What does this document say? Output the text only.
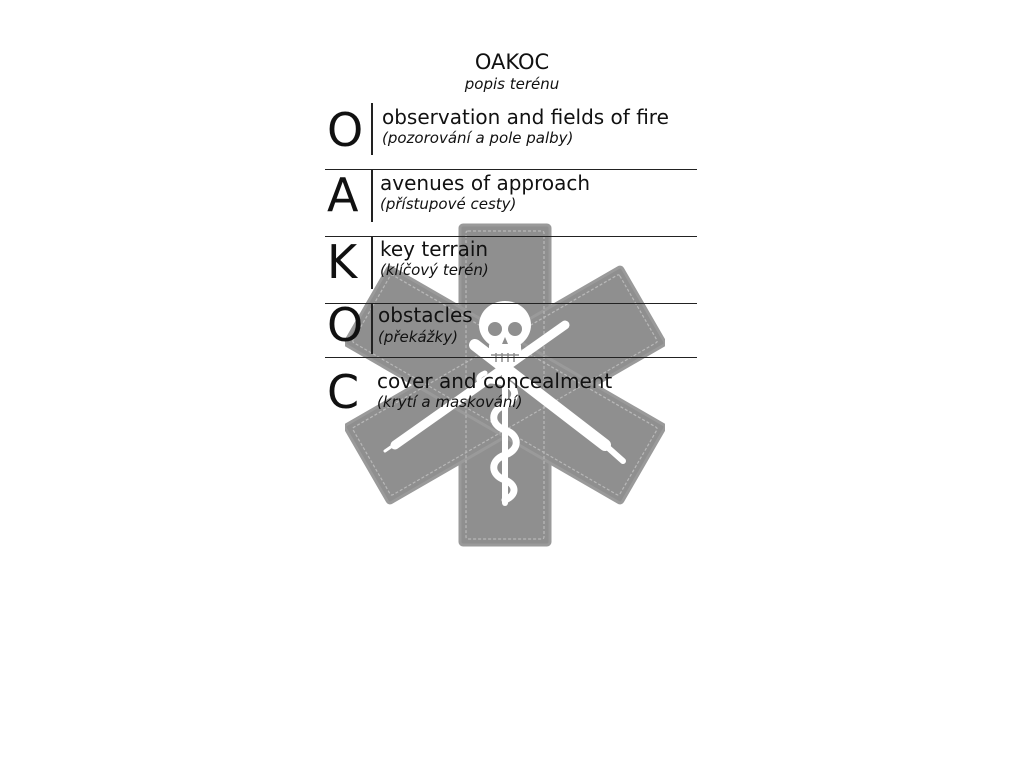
OAKOC
popis terénu
O observation and fields of fire
(pozorování a pole palby)
A avenues of approach
(přístupové cesty)
K key terrain
(klíčový terén)
O obstacles
(překážky)
C cover and concealment
(krytí a maskování)
